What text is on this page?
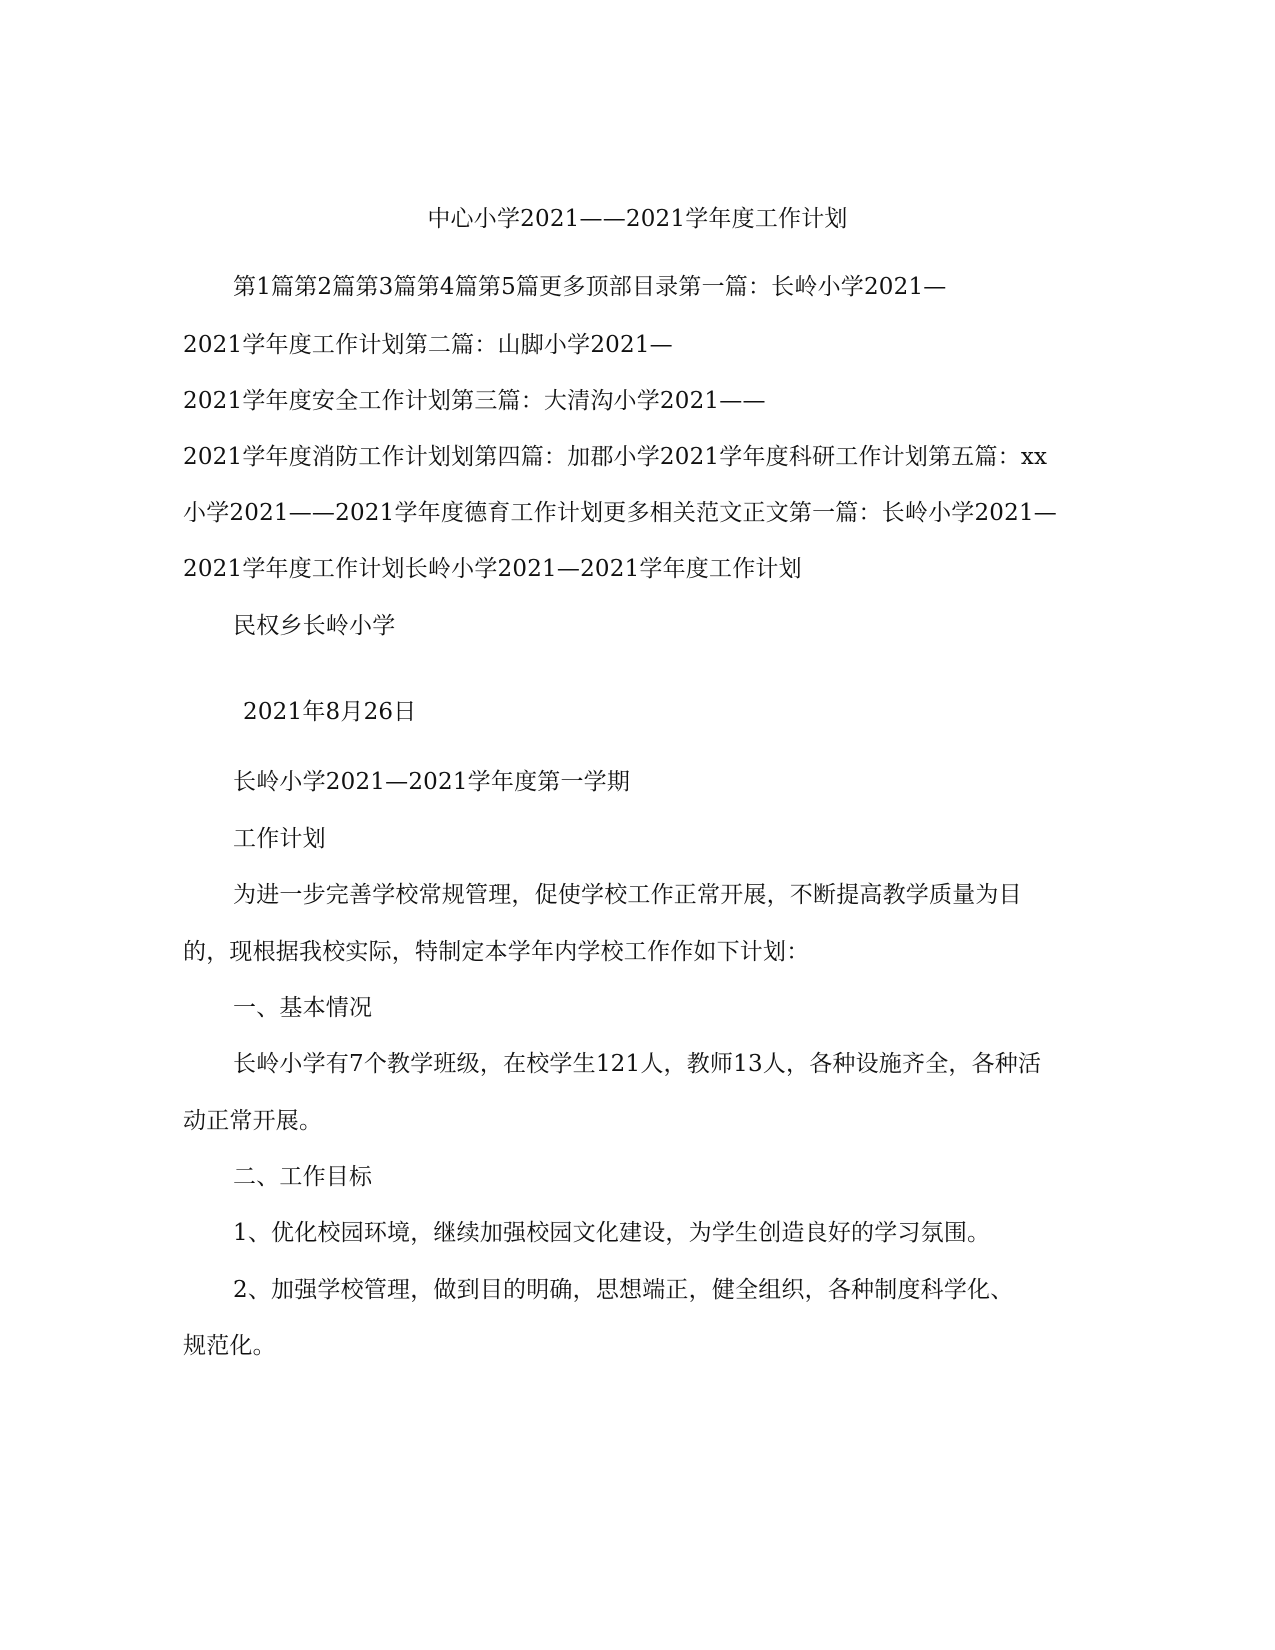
中心小学2021——2021学年度工作计划
第1篇第2篇第3篇第4篇第5篇更多顶部目录第一篇：长岭小学2021—
2021学年度工作计划第二篇：山脚小学2021—
2021学年度安全工作计划第三篇：大清沟小学2021——
2021学年度消防工作计划划第四篇：加郡小学2021学年度科研工作计划第五篇：xx
小学2021——2021学年度德育工作计划更多相关范文正文第一篇：长岭小学2021—
2021学年度工作计划长岭小学2021—2021学年度工作计划
民权乡长岭小学
2021年8月26日
长岭小学2021—2021学年度第一学期
工作计划
为进一步完善学校常规管理，促使学校工作正常开展，不断提高教学质量为目
的，现根据我校实际，特制定本学年内学校工作作如下计划：
一、基本情况
长岭小学有7个教学班级，在校学生121人，教师13人，各种设施齐全，各种活
动正常开展。
二、工作目标
1、优化校园环境，继续加强校园文化建设，为学生创造良好的学习氛围。
2、加强学校管理，做到目的明确，思想端正，健全组织，各种制度科学化、
规范化。
